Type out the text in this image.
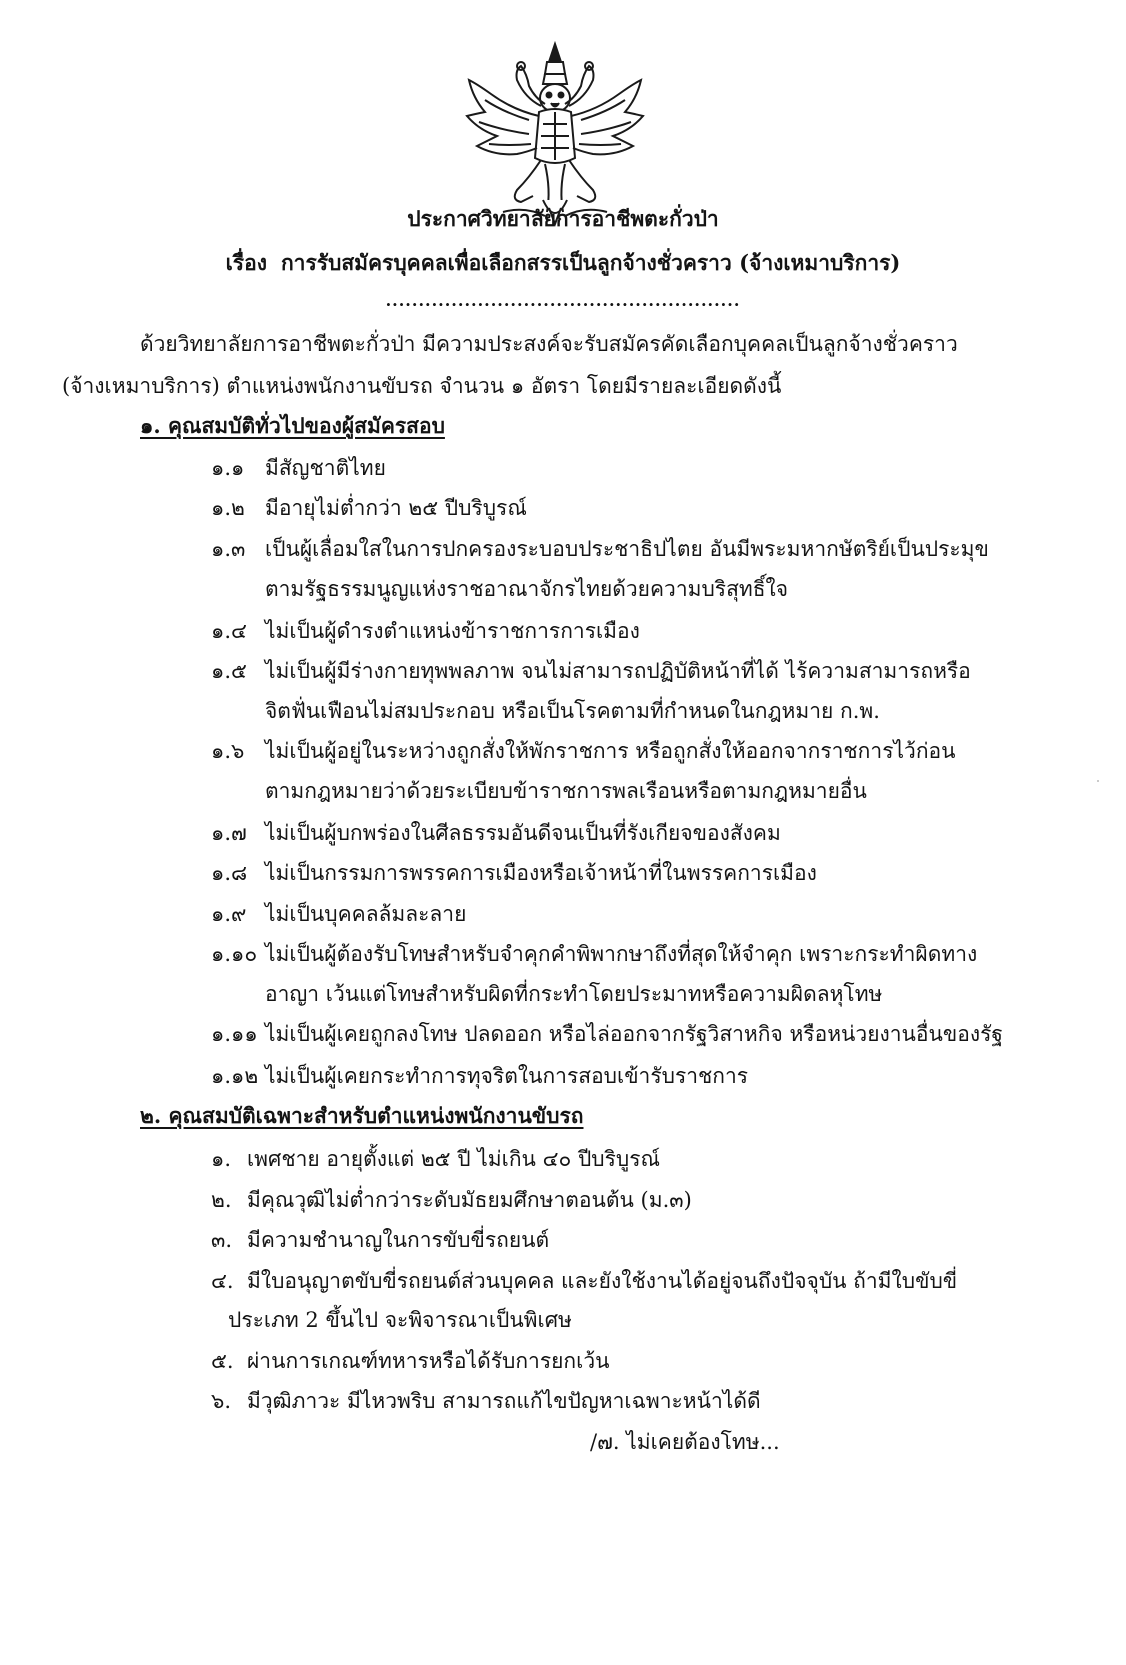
ประกาศวิทยาลัยการอาชีพตะกั่วป่า
เรื่อง การรับสมัครบุคคลเพื่อเลือกสรรเป็นลูกจ้างชั่วคราว (จ้างเหมาบริการ)
......................................................
ด้วยวิทยาลัยการอาชีพตะกั่วป่า มีความประสงค์จะรับสมัครคัดเลือกบุคคลเป็นลูกจ้างชั่วคราว
(จ้างเหมาบริการ) ตำแหน่งพนักงานขับรถ จำนวน ๑ อัตรา โดยมีรายละเอียดดังนี้
๑. คุณสมบัติทั่วไปของผู้สมัครสอบ
๑.๑ มีสัญชาติไทย
๑.๒ มีอายุไม่ต่ำกว่า ๒๕ ปีบริบูรณ์
๑.๓ เป็นผู้เลื่อมใสในการปกครองระบอบประชาธิปไตย อันมีพระมหากษัตริย์เป็นประมุข
ตามรัฐธรรมนูญแห่งราชอาณาจักรไทยด้วยความบริสุทธิ์ใจ
๑.๔ ไม่เป็นผู้ดำรงตำแหน่งข้าราชการการเมือง
๑.๕ ไม่เป็นผู้มีร่างกายทุพพลภาพ จนไม่สามารถปฏิบัติหน้าที่ได้ ไร้ความสามารถหรือ
จิตฟั่นเฟือนไม่สมประกอบ หรือเป็นโรคตามที่กำหนดในกฎหมาย ก.พ.
๑.๖ ไม่เป็นผู้อยู่ในระหว่างถูกสั่งให้พักราชการ หรือถูกสั่งให้ออกจากราชการไว้ก่อน
ตามกฎหมายว่าด้วยระเบียบข้าราชการพลเรือนหรือตามกฎหมายอื่น
๑.๗ ไม่เป็นผู้บกพร่องในศีลธรรมอันดีจนเป็นที่รังเกียจของสังคม
๑.๘ ไม่เป็นกรรมการพรรคการเมืองหรือเจ้าหน้าที่ในพรรคการเมือง
๑.๙ ไม่เป็นบุคคลล้มละลาย
๑.๑๐ ไม่เป็นผู้ต้องรับโทษสำหรับจำคุกคำพิพากษาถึงที่สุดให้จำคุก เพราะกระทำผิดทาง
อาญา เว้นแต่โทษสำหรับผิดที่กระทำโดยประมาทหรือความผิดลหุโทษ
๑.๑๑ ไม่เป็นผู้เคยถูกลงโทษ ปลดออก หรือไล่ออกจากรัฐวิสาหกิจ หรือหน่วยงานอื่นของรัฐ
๑.๑๒ ไม่เป็นผู้เคยกระทำการทุจริตในการสอบเข้ารับราชการ
๒. คุณสมบัติเฉพาะสำหรับตำแหน่งพนักงานขับรถ
๑. เพศชาย อายุตั้งแต่ ๒๕ ปี ไม่เกิน ๔๐ ปีบริบูรณ์
๒. มีคุณวุฒิไม่ต่ำกว่าระดับมัธยมศึกษาตอนต้น (ม.๓)
๓. มีความชำนาญในการขับขี่รถยนต์
๔. มีใบอนุญาตขับขี่รถยนต์ส่วนบุคคล และยังใช้งานได้อยู่จนถึงปัจจุบัน ถ้ามีใบขับขี่
ประเภท 2 ขึ้นไป จะพิจารณาเป็นพิเศษ
๕. ผ่านการเกณฑ์ทหารหรือได้รับการยกเว้น
๖. มีวุฒิภาวะ มีไหวพริบ สามารถแก้ไขปัญหาเฉพาะหน้าได้ดี
/๗. ไม่เคยต้องโทษ...
